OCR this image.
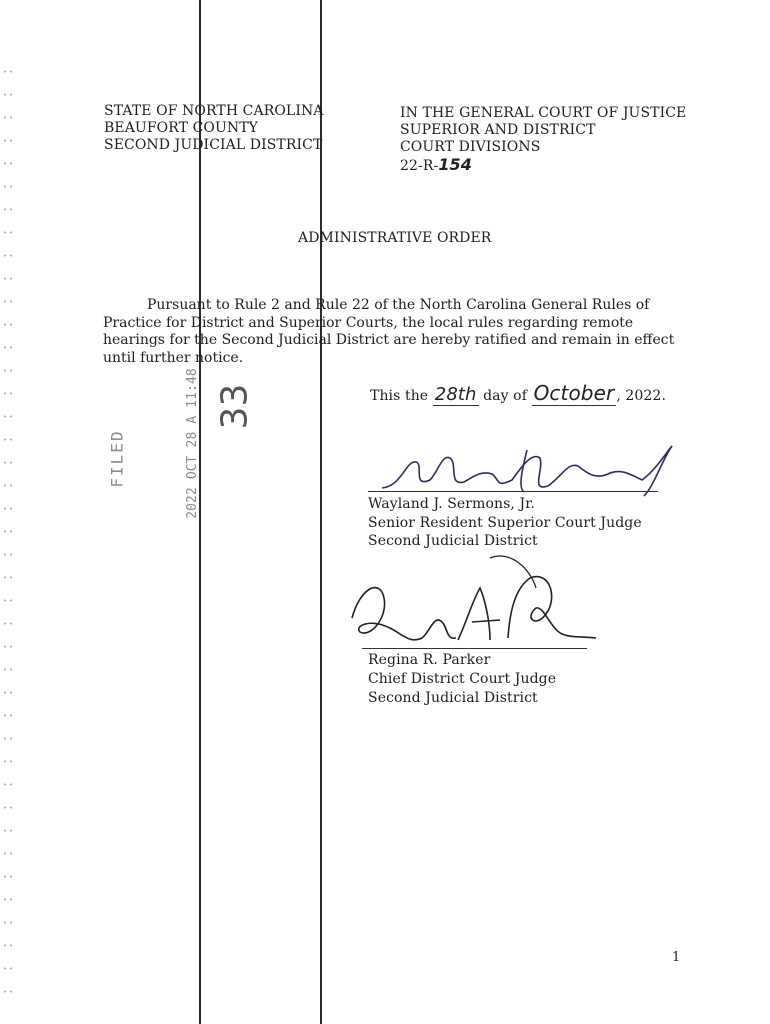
STATE OF NORTH CAROLINA
BEAUFORT COUNTY
SECOND JUDICIAL DISTRICT
IN THE GENERAL COURT OF JUSTICE
SUPERIOR AND DISTRICT
COURT DIVISIONS
22-R-154
ADMINISTRATIVE ORDER
Pursuant to Rule 2 and Rule 22 of the North Carolina General Rules of Practice for District and Superior Courts, the local rules regarding remote hearings for the Second Judicial District are hereby ratified and remain in effect until further notice.
This the 28th day of October , 2022.
Wayland J. Sermons, Jr.
Senior Resident Superior Court Judge
Second Judicial District
Regina R. Parker
Chief District Court Judge
Second Judicial District
FILED	2022 OCT 28 A 11:48 33
1
